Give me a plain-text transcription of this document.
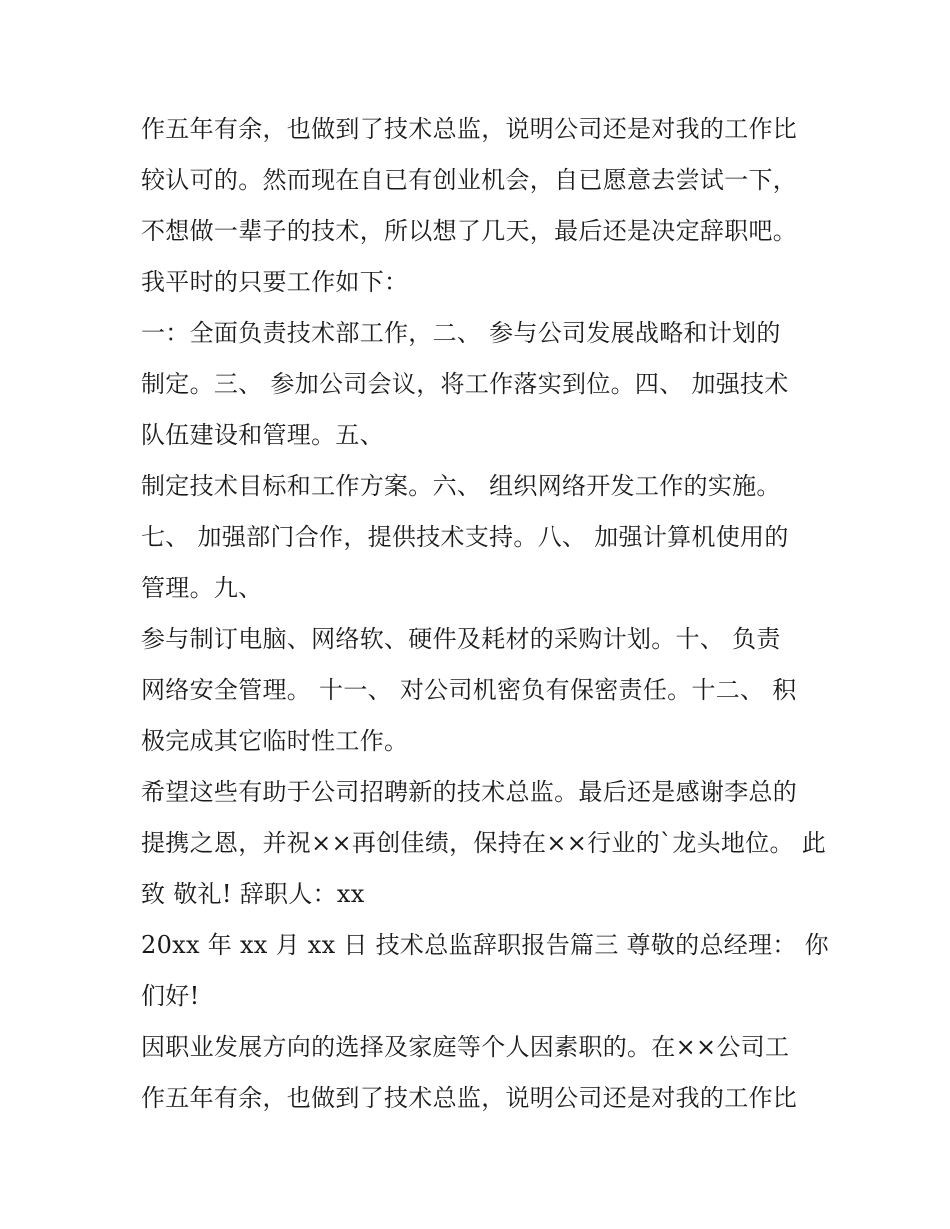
作五年有余，也做到了技术总监，说明公司还是对我的工作比
较认可的。然而现在自已有创业机会，自已愿意去尝试一下，
不想做一辈子的技术，所以想了几天，最后还是决定辞职吧。
我平时的只要工作如下：
一：全面负责技术部工作，二、 参与公司发展战略和计划的
制定。三、 参加公司会议，将工作落实到位。四、 加强技术
队伍建设和管理。五、
制定技术目标和工作方案。六、 组织网络开发工作的实施。
七、 加强部门合作，提供技术支持。八、 加强计算机使用的
管理。九、
参与制订电脑、网络软、硬件及耗材的采购计划。十、 负责
网络安全管理。 十一、 对公司机密负有保密责任。十二、 积
极完成其它临时性工作。
希望这些有助于公司招聘新的技术总监。最后还是感谢李总的
提携之恩，并祝××再创佳绩，保持在××行业的`龙头地位。 此
致 敬礼! 辞职人：xx
20xx 年 xx 月 xx 日 技术总监辞职报告篇三 尊敬的总经理： 你
们好!
因职业发展方向的选择及家庭等个人因素职的。在××公司工
作五年有余，也做到了技术总监，说明公司还是对我的工作比
